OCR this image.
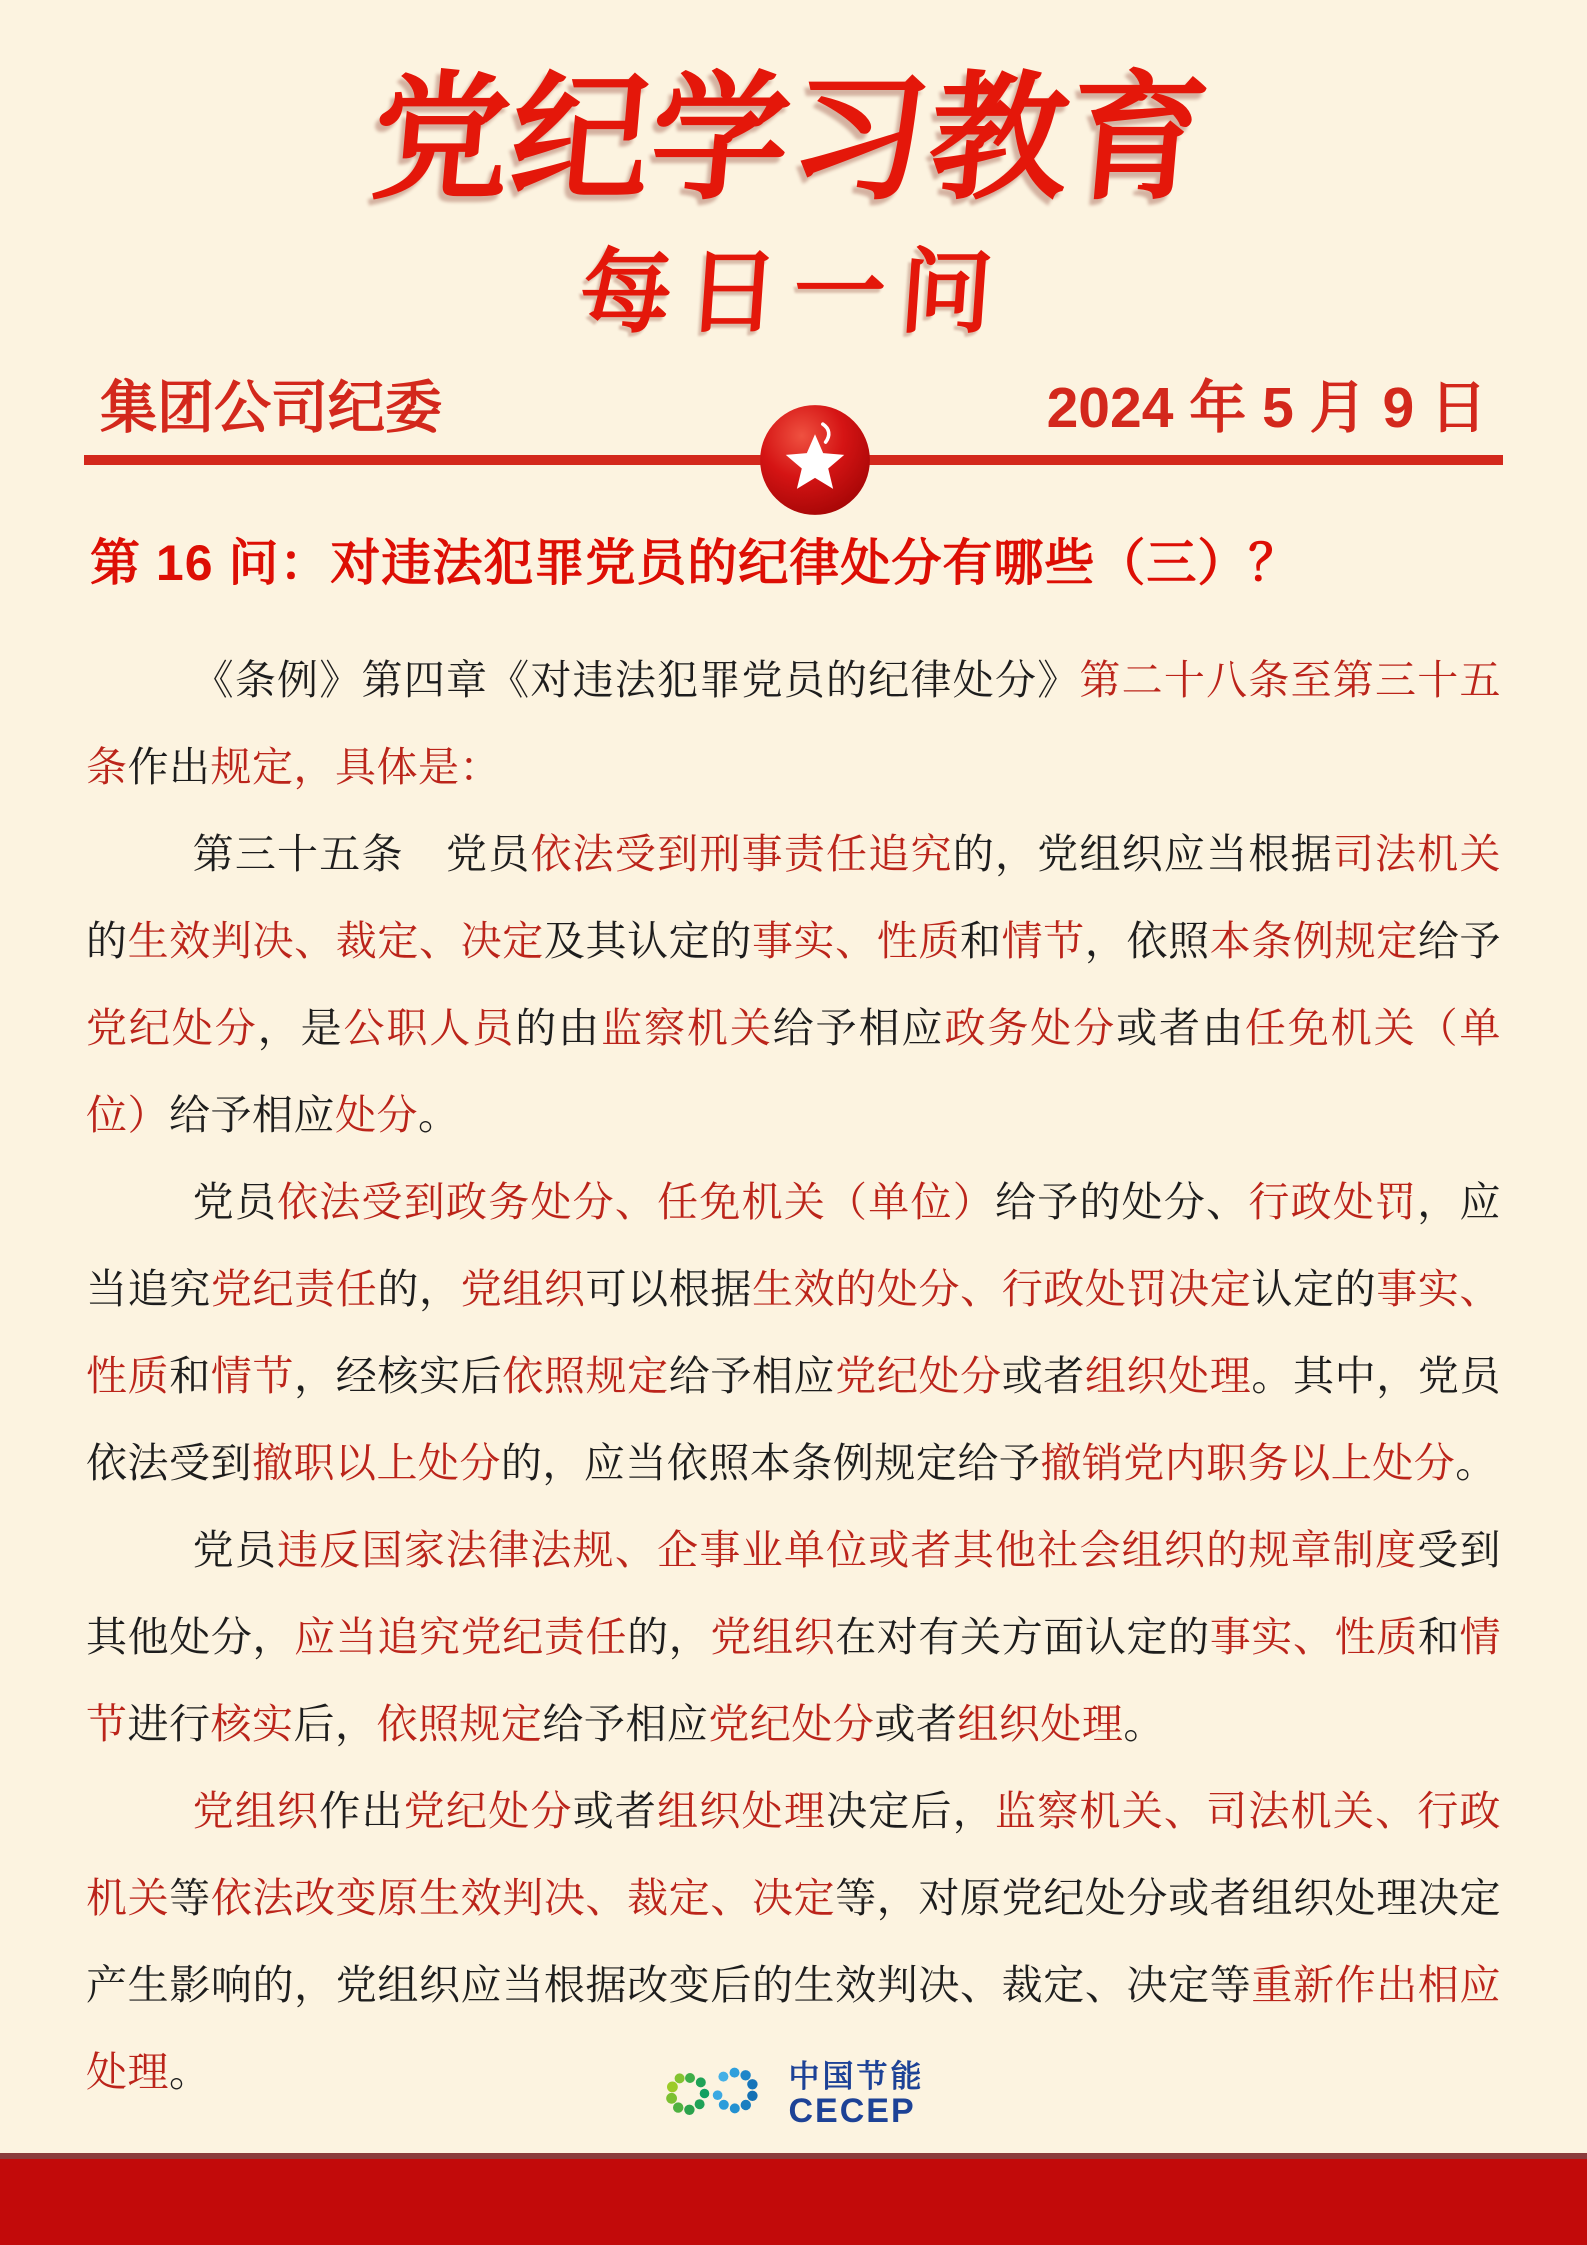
党纪学习教育
每日一问
集团公司纪委	2024 年 5 月 9 日
第 16 问：对违法犯罪党员的纪律处分有哪些（三）？

《条例》第四章《对违法犯罪党员的纪律处分》第二十八条至第三十五条作出规定，具体是：

第三十五条　党员依法受到刑事责任追究的，党组织应当根据司法机关的生效判决、裁定、决定及其认定的事实、性质和情节，依照本条例规定给予党纪处分，是公职人员的由监察机关给予相应政务处分或者由任免机关（单位）给予相应处分。

党员依法受到政务处分、任免机关（单位）给予的处分、行政处罚，应当追究党纪责任的，党组织可以根据生效的处分、行政处罚决定认定的事实、性质和情节，经核实后依照规定给予相应党纪处分或者组织处理。其中，党员依法受到撤职以上处分的，应当依照本条例规定给予撤销党内职务以上处分。

党员违反国家法律法规、企事业单位或者其他社会组织的规章制度受到其他处分，应当追究党纪责任的，党组织在对有关方面认定的事实、性质和情节进行核实后，依照规定给予相应党纪处分或者组织处理。

党组织作出党纪处分或者组织处理决定后，监察机关、司法机关、行政机关等依法改变原生效判决、裁定、决定等，对原党纪处分或者组织处理决定产生影响的，党组织应当根据改变后的生效判决、裁定、决定等重新作出相应处理。	中国节能
CECEP
